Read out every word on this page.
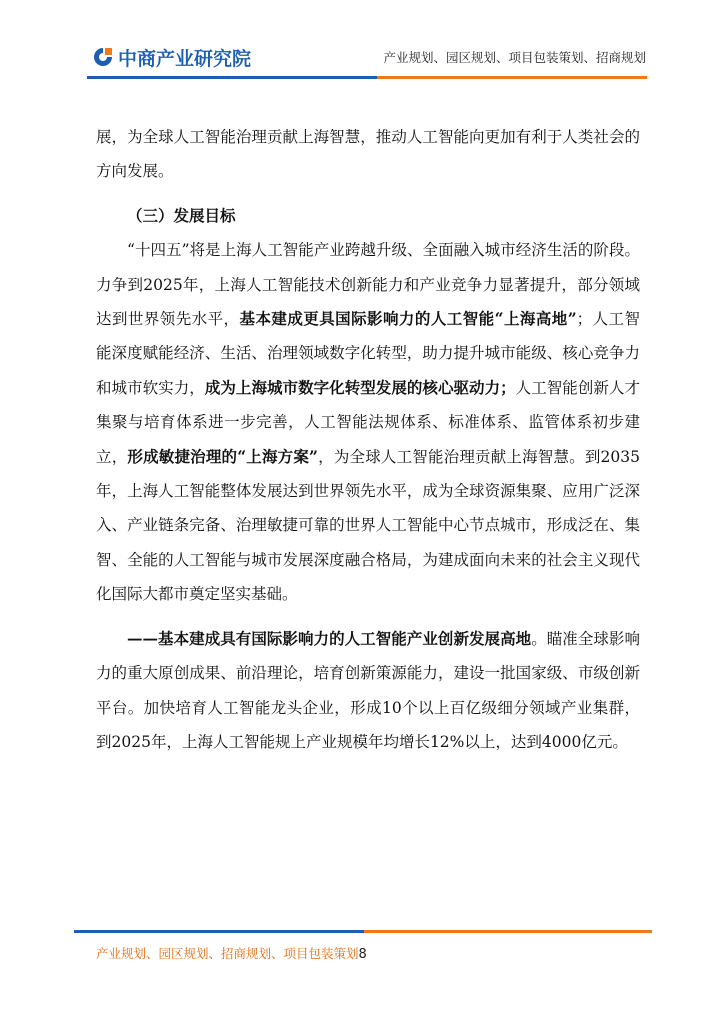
中商产业研究院	产业规划、园区规划、项目包装策划、招商规划

展，为全球人工智能治理贡献上海智慧，推动人工智能向更加有利于人类社会的方向发展。

（三）发展目标

“十四五”将是上海人工智能产业跨越升级、全面融入城市经济生活的阶段。力争到2025年，上海人工智能技术创新能力和产业竞争力显著提升，部分领域达到世界领先水平，基本建成更具国际影响力的人工智能“上海高地”；人工智能深度赋能经济、生活、治理领域数字化转型，助力提升城市能级、核心竞争力和城市软实力，成为上海城市数字化转型发展的核心驱动力；人工智能创新人才集聚与培育体系进一步完善，人工智能法规体系、标准体系、监管体系初步建立，形成敏捷治理的“上海方案”，为全球人工智能治理贡献上海智慧。到2035年，上海人工智能整体发展达到世界领先水平，成为全球资源集聚、应用广泛深入、产业链条完备、治理敏捷可靠的世界人工智能中心节点城市，形成泛在、集智、全能的人工智能与城市发展深度融合格局，为建成面向未来的社会主义现代化国际大都市奠定坚实基础。

——基本建成具有国际影响力的人工智能产业创新发展高地。瞄准全球影响力的重大原创成果、前沿理论，培育创新策源能力，建设一批国家级、市级创新平台。加快培育人工智能龙头企业，形成10个以上百亿级细分领域产业集群，到2025年，上海人工智能规上产业规模年均增长12%以上，达到4000亿元。

产业规划、园区规划、招商规划、项目包装策划8
